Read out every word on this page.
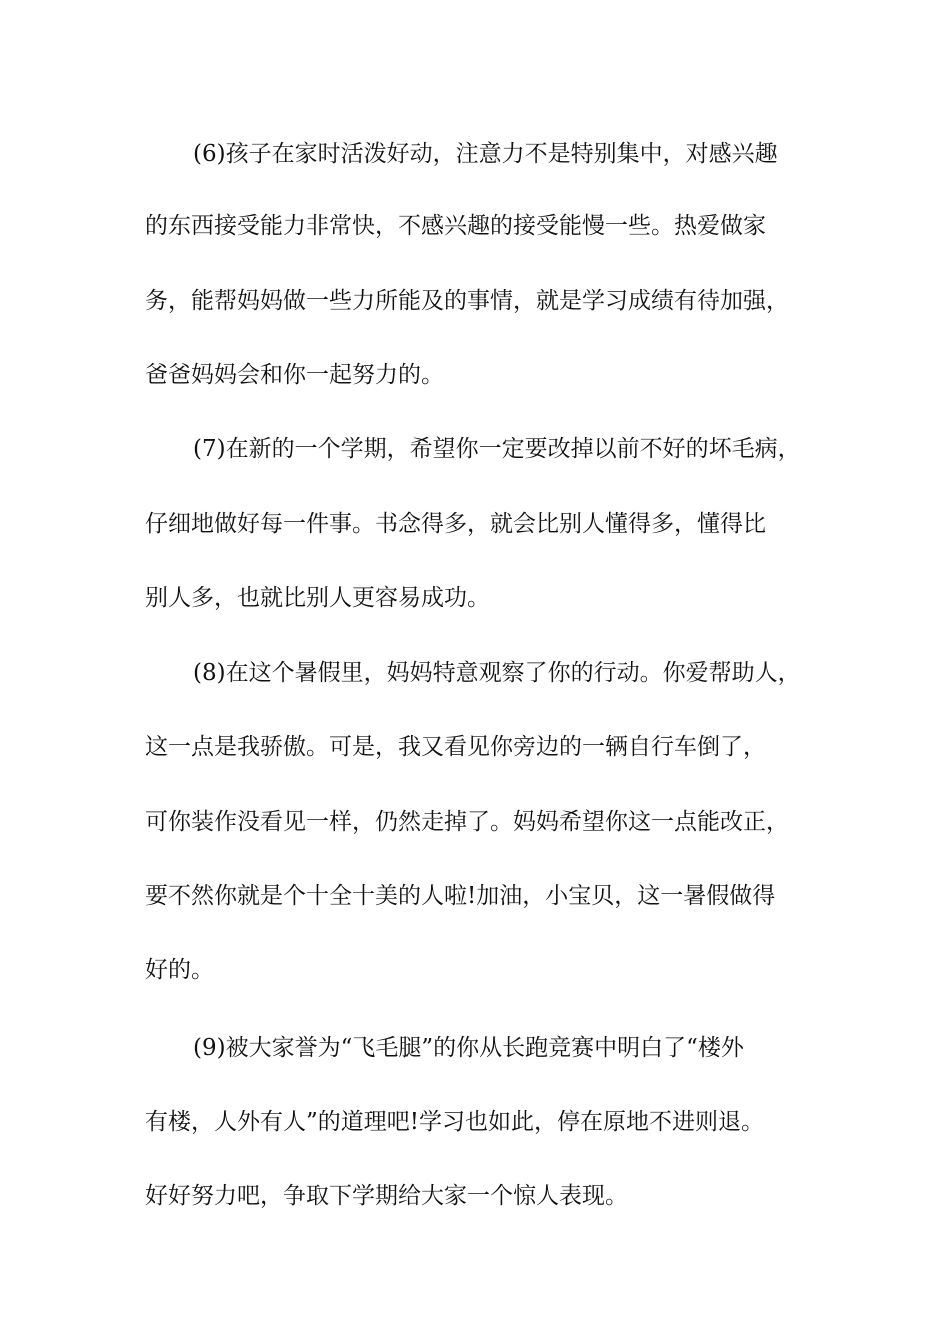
(6)孩子在家时活泼好动，注意力不是特别集中，对感兴趣
的东西接受能力非常快，不感兴趣的接受能慢一些。热爱做家
务，能帮妈妈做一些力所能及的事情，就是学习成绩有待加强，
爸爸妈妈会和你一起努力的。
(7)在新的一个学期，希望你一定要改掉以前不好的坏毛病，
仔细地做好每一件事。书念得多，就会比别人懂得多，懂得比
别人多，也就比别人更容易成功。
(8)在这个暑假里，妈妈特意观察了你的行动。你爱帮助人，
这一点是我骄傲。可是，我又看见你旁边的一辆自行车倒了，
可你装作没看见一样，仍然走掉了。妈妈希望你这一点能改正，
要不然你就是个十全十美的人啦!加油，小宝贝，这一暑假做得
好的。
(9)被大家誉为“飞毛腿”的你从长跑竞赛中明白了“楼外
有楼，人外有人”的道理吧!学习也如此，停在原地不进则退。
好好努力吧，争取下学期给大家一个惊人表现。
